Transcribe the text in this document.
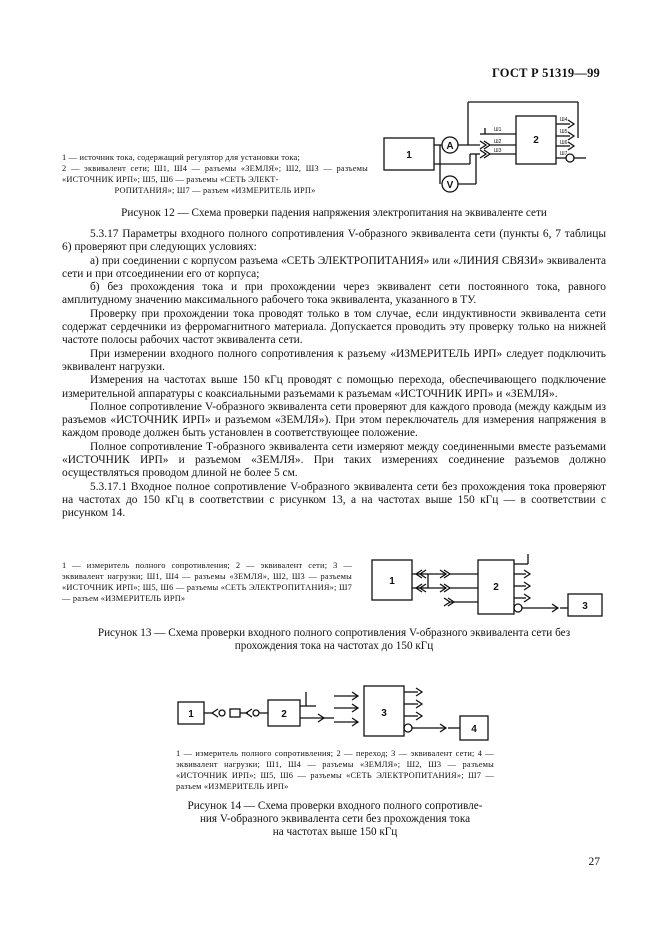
ГОСТ Р 51319—99

1 — источник тока, содержащий регулятор для установки тока;

2 — эквивалент сети; Ш1, Ш4 — разъемы «ЗЕМЛЯ»; Ш2, Ш3 — разъемы «ИСТОЧНИК ИРП»; Ш5, Ш6 — разъемы «СЕТЬ ЭЛЕКТ-

РОПИТАНИЯ»; Ш7 — разъем «ИЗМЕРИТЕЛЬ ИРП»

1
A
V
Ш1
Ш2
Ш3
2
Ш4
Ш5
Ш6
Ш7
Рисунок 12 — Схема проверки падения напряжения электропитания на эквиваленте сети

5.3.17 Параметры входного полного сопротивления V-образного эквивалента сети (пункты 6, 7 таблицы 6) проверяют при следующих условиях:

а) при соединении с корпусом разъема «СЕТЬ ЭЛЕКТРОПИТАНИЯ» или «ЛИНИЯ СВЯЗИ» эквивалента сети и при отсоединении его от корпуса;

б) без прохождения тока и при прохождении через эквивалент сети постоянного тока, равного амплитудному значению максимального рабочего тока эквивалента, указанного в ТУ.

Проверку при прохождении тока проводят только в том случае, если индуктивности эквивалента сети содержат сердечники из ферромагнитного материала. Допускается проводить эту проверку только на нижней частоте полосы рабочих частот эквивалента сети.

При измерении входного полного сопротивления к разъему «ИЗМЕРИТЕЛЬ ИРП» следует подключить эквивалент нагрузки.

Измерения на частотах выше 150 кГц проводят с помощью перехода, обеспечивающего подключение измерительной аппаратуры с коаксиальными разъемами к разъемам «ИСТОЧНИК ИРП» и «ЗЕМЛЯ».

Полное сопротивление V-образного эквивалента сети проверяют для каждого провода (между каждым из разъемов «ИСТОЧНИК ИРП» и разъемом «ЗЕМЛЯ»). При этом переключатель для измерения напряжения в каждом проводе должен быть установлен в соответствующее положение.

Полное сопротивление Т-образного эквивалента сети измеряют между соединенными вместе разъемами «ИСТОЧНИК ИРП» и разъемом «ЗЕМЛЯ». При таких измерениях соединение разъемов должно осуществляться проводом длиной не более 5 см.

5.3.17.1 Входное полное сопротивление V-образного эквивалента сети без прохождения тока проверяют на частотах до 150 кГц в соответствии с рисунком 13, а на частотах выше 150 кГц — в соответствии с рисунком 14.

1 — измеритель полного сопротивления; 2 — эквивалент сети; 3 — эквивалент нагрузки; Ш1, Ш4 — разъемы «ЗЕМЛЯ», Ш2, Ш3 — разъемы «ИСТОЧНИК ИРП»; Ш5, Ш6 — разъемы «СЕТЬ ЭЛЕКТРОПИТАНИЯ»; Ш7 — разъем «ИЗМЕРИТЕЛЬ ИРП»

1
2
3
Рисунок 13 — Схема проверки входного полного сопротивления V-образного эквивалента сети без
прохождения тока на частотах до 150 кГц
1	2	3
4

1 — измеритель полного сопротивления; 2 — переход; 3 — эквивалент сети; 4 — эквивалент нагрузки; Ш1, Ш4 — разъемы «ЗЕМЛЯ»; Ш2, Ш3 — разъемы «ИСТОЧНИК ИРП»; Ш5, Ш6 — разъемы «СЕТЬ ЭЛЕКТРОПИТАНИЯ»; Ш7 — разъем «ИЗМЕРИТЕЛЬ ИРП»

Рисунок 14 — Схема проверки входного полного сопротивле-
ния V-образного эквивалента сети без прохождения тока
на частотах выше 150 кГц
27
